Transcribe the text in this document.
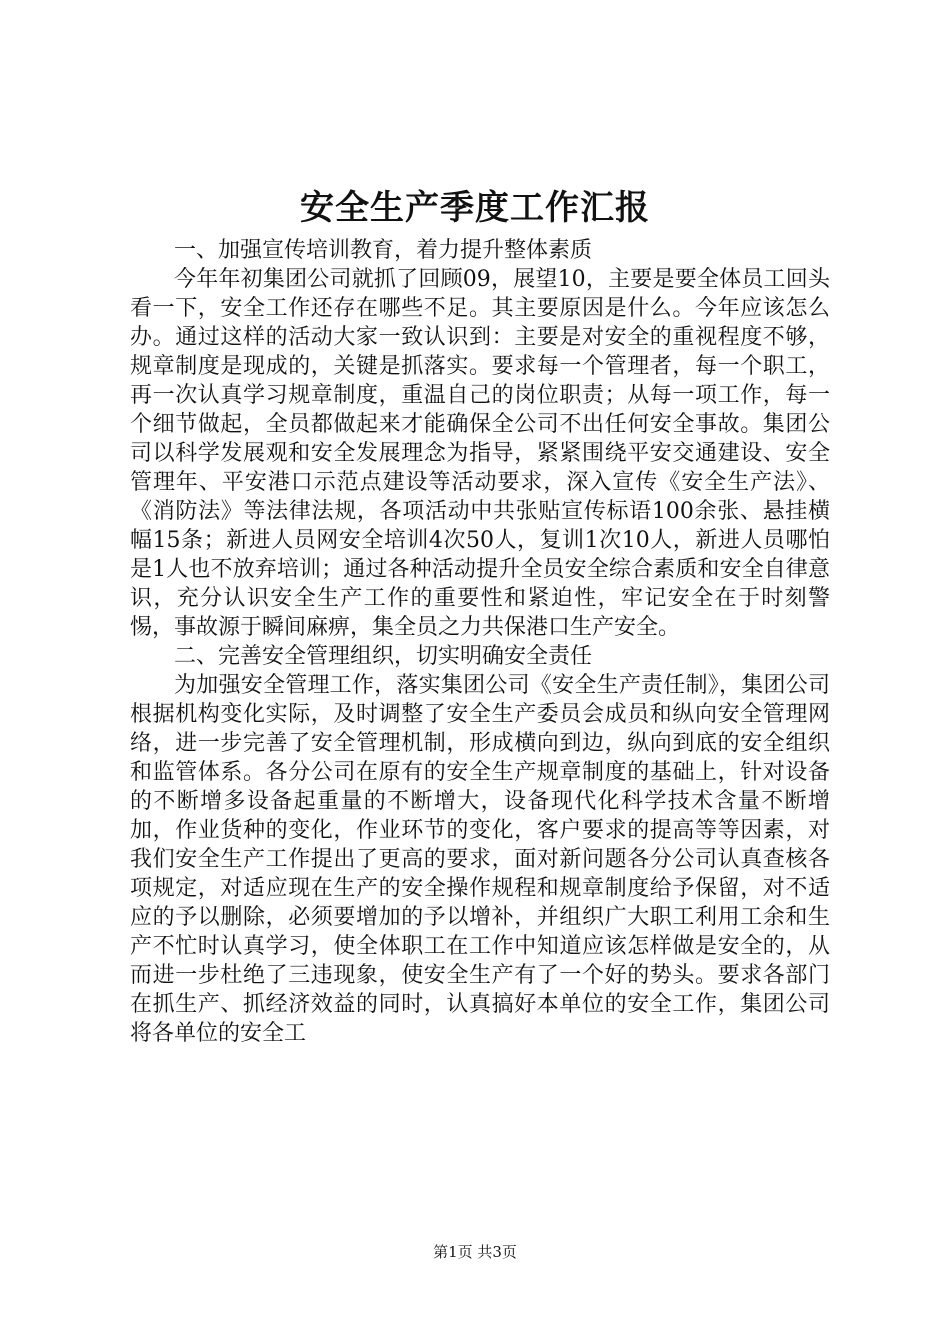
安全生产季度工作汇报

一、加强宣传培训教育，着力提升整体素质

今年年初集团公司就抓了回顾09，展望10，主要是要全体员工回头看一下，安全工作还存在哪些不足。其主要原因是什么。今年应该怎么办。通过这样的活动大家一致认识到：主要是对安全的重视程度不够，规章制度是现成的，关键是抓落实。要求每一个管理者，每一个职工，再一次认真学习规章制度，重温自己的岗位职责；从每一项工作，每一个细节做起，全员都做起来才能确保全公司不出任何安全事故。集团公司以科学发展观和安全发展理念为指导，紧紧围绕平安交通建设、安全管理年、平安港口示范点建设等活动要求，深入宣传《安全生产法》、《消防法》等法律法规，各项活动中共张贴宣传标语100余张、悬挂横幅15条；新进人员网安全培训4次50人，复训1次10人，新进人员哪怕是1人也不放弃培训；通过各种活动提升全员安全综合素质和安全自律意识，充分认识安全生产工作的重要性和紧迫性，牢记安全在于时刻警惕，事故源于瞬间麻痹，集全员之力共保港口生产安全。

二、完善安全管理组织，切实明确安全责任

为加强安全管理工作，落实集团公司《安全生产责任制》，集团公司根据机构变化实际，及时调整了安全生产委员会成员和纵向安全管理网络，进一步完善了安全管理机制，形成横向到边，纵向到底的安全组织和监管体系。各分公司在原有的安全生产规章制度的基础上，针对设备的不断增多设备起重量的不断增大，设备现代化科学技术含量不断增加，作业货种的变化，作业环节的变化，客户要求的提高等等因素，对我们安全生产工作提出了更高的要求，面对新问题各分公司认真查核各项规定，对适应现在生产的安全操作规程和规章制度给予保留，对不适应的予以删除，必须要增加的予以增补，并组织广大职工利用工余和生产不忙时认真学习，使全体职工在工作中知道应该怎样做是安全的，从而进一步杜绝了三违现象，使安全生产有了一个好的势头。要求各部门在抓生产、抓经济效益的同时，认真搞好本单位的安全工作，集团公司将各单位的安全工

第1页 共3页
